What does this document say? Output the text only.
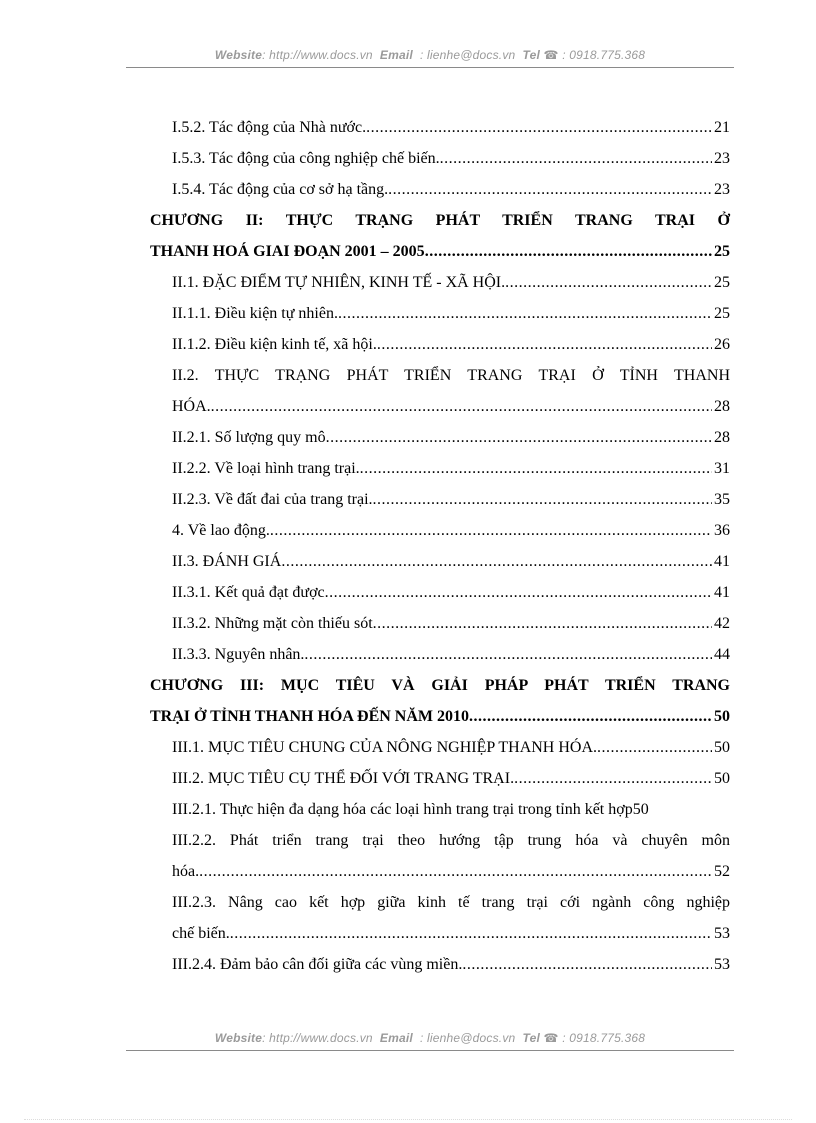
Website: http://www.docs.vn Email : lienhe@docs.vn Tel ☎ : 0918.775.368
I.5.2. Tác động của Nhà nước. .....	21
I.5.3. Tác động của công nghiệp chế biến. .....	23
I.5.4. Tác động của cơ sở hạ tầng. .....	23
CHƯƠNG II: THỰC TRẠNG PHÁT TRIỂN TRANG TRẠI Ở
THANH HOÁ GIAI ĐOẠN 2001 – 2005 .....	25
II.1. ĐẶC ĐIỂM TỰ NHIÊN, KINH TẾ - XÃ HỘI. .....	25
II.1.1. Điều kiện tự nhiên. .....	25
II.1.2. Điều kiện kinh tế, xã hội. .....	26
II.2. THỰC TRẠNG PHÁT TRIỂN TRANG TRẠI Ở TỈNH THANH
HÓA. .....	28
II.2.1. Số lượng quy mô .....	28
II.2.2. Về loại hình trang trại. .....	31
II.2.3. Về đất đai của trang trại. .....	35
4. Về lao động. .....	36
II.3. ĐÁNH GIÁ .....	41
II.3.1. Kết quả đạt được .....	41
II.3.2. Những mặt còn thiếu sót .....	42
II.3.3. Nguyên nhân. .....	44
CHƯƠNG III: MỤC TIÊU VÀ GIẢI PHÁP PHÁT TRIỂN TRANG
TRẠI Ở TỈNH THANH HÓA ĐẾN NĂM 2010 .....	50
III.1. MỤC TIÊU CHUNG CỦA NÔNG NGHIỆP THANH HÓA. .....	50
III.2. MỤC TIÊU CỤ THỂ ĐỐI VỚI TRANG TRẠI. .....	50
III.2.1. Thực hiện đa dạng hóa các loại hình trang trại trong tỉnh kết hợp50
III.2.2. Phát triển trang trại theo hướng tập trung hóa và chuyên môn
hóa. .....	52
III.2.3. Nâng cao kết hợp giữa kinh tế trang trại cới ngành công nghiệp
chế biến. .....	53
III.2.4. Đảm bảo cân đối giữa các vùng miền. .....	53
Website: http://www.docs.vn Email : lienhe@docs.vn Tel ☎ : 0918.775.368
